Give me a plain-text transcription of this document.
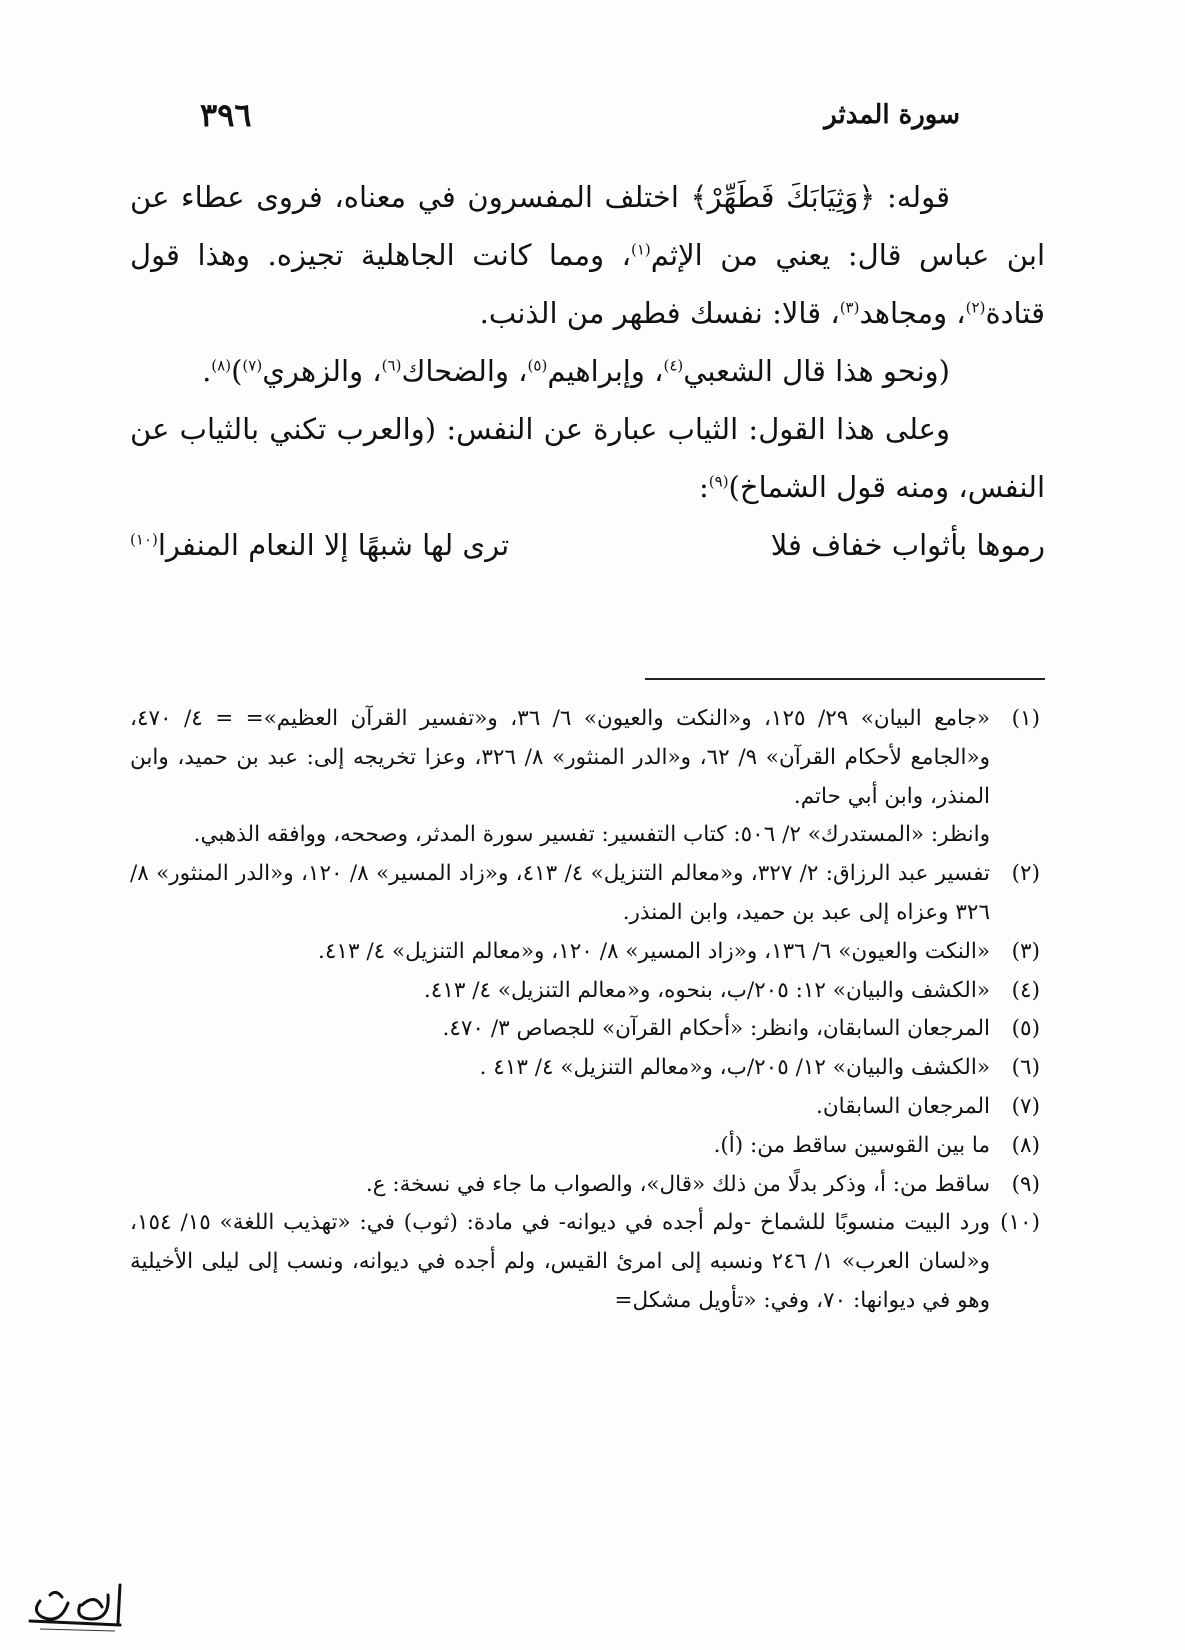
٣٩٦	سورة المدثر

قوله: ﴿وَثِيَابَكَ فَطَهِّرْ﴾ اختلف المفسرون في معناه، فروى عطاء عن ابن عباس قال: يعني من الإثم$^{(١)}$، ومما كانت الجاهلية تجيزه. وهذا قول قتادة$^{(٢)}$، ومجاهد$^{(٣)}$، قالا: نفسك فطهر من الذنب.

(ونحو هذا قال الشعبي$^{(٤)}$، وإبراهيم$^{(٥)}$، والضحاك$^{(٦)}$، والزهري$^{(٧)}$)$^{(٨)}$.

وعلى هذا القول: الثياب عبارة عن النفس: (والعرب تكني بالثياب عن النفس، ومنه قول الشماخ)$^{(٩)}$:

رموها بأثواب خفاف فلا
ترى لها شبهًا إلا النعام المنفرا$^{(١٠)}$
(١)
«جامع البيان» ٢٩/ ١٢٥، و«النكت والعيون» ٦/ ٣٦، و«تفسير القرآن العظيم»= = ٤/ ٤٧٠، و«الجامع لأحكام القرآن» ٩/ ٦٢، و«الدر المنثور» ٨/ ٣٢٦، وعزا تخريجه إلى: عبد بن حميد، وابن المنذر، وابن أبي حاتم.
وانظر: «المستدرك» ٢/ ٥٠٦: كتاب التفسير: تفسير سورة المدثر، وصححه، ووافقه الذهبي.
(٢)
تفسير عبد الرزاق: ٢/ ٣٢٧، و«معالم التنزيل» ٤/ ٤١٣، و«زاد المسير» ٨/ ١٢٠، و«الدر المنثور» ٨/ ٣٢٦ وعزاه إلى عبد بن حميد، وابن المنذر.
(٣)
«النكت والعيون» ٦/ ١٣٦، و«زاد المسير» ٨/ ١٢٠، و«معالم التنزيل» ٤/ ٤١٣.
(٤)
«الكشف والبيان» ١٢: ٢٠٥/ب، بنحوه، و«معالم التنزيل» ٤/ ٤١٣.
(٥)
المرجعان السابقان، وانظر: «أحكام القرآن» للجصاص ٣/ ٤٧٠.
(٦)
«الكشف والبيان» ١٢/ ٢٠٥/ب، و«معالم التنزيل» ٤/ ٤١٣ .
(٧)
المرجعان السابقان.
(٨)
ما بين القوسين ساقط من: (أ).
(٩)
ساقط من: أ، وذكر بدلًا من ذلك «قال»، والصواب ما جاء في نسخة: ع.
(١٠)
ورد البيت منسوبًا للشماخ -ولم أجده في ديوانه- في مادة: (ثوب) في: «تهذيب اللغة» ١٥/ ١٥٤، و«لسان العرب» ١/ ٢٤٦ ونسبه إلى امرئ القيس، ولم أجده في ديوانه، ونسب إلى ليلى الأخيلية وهو في ديوانها: ٧٠، وفي: «تأويل مشكل=
